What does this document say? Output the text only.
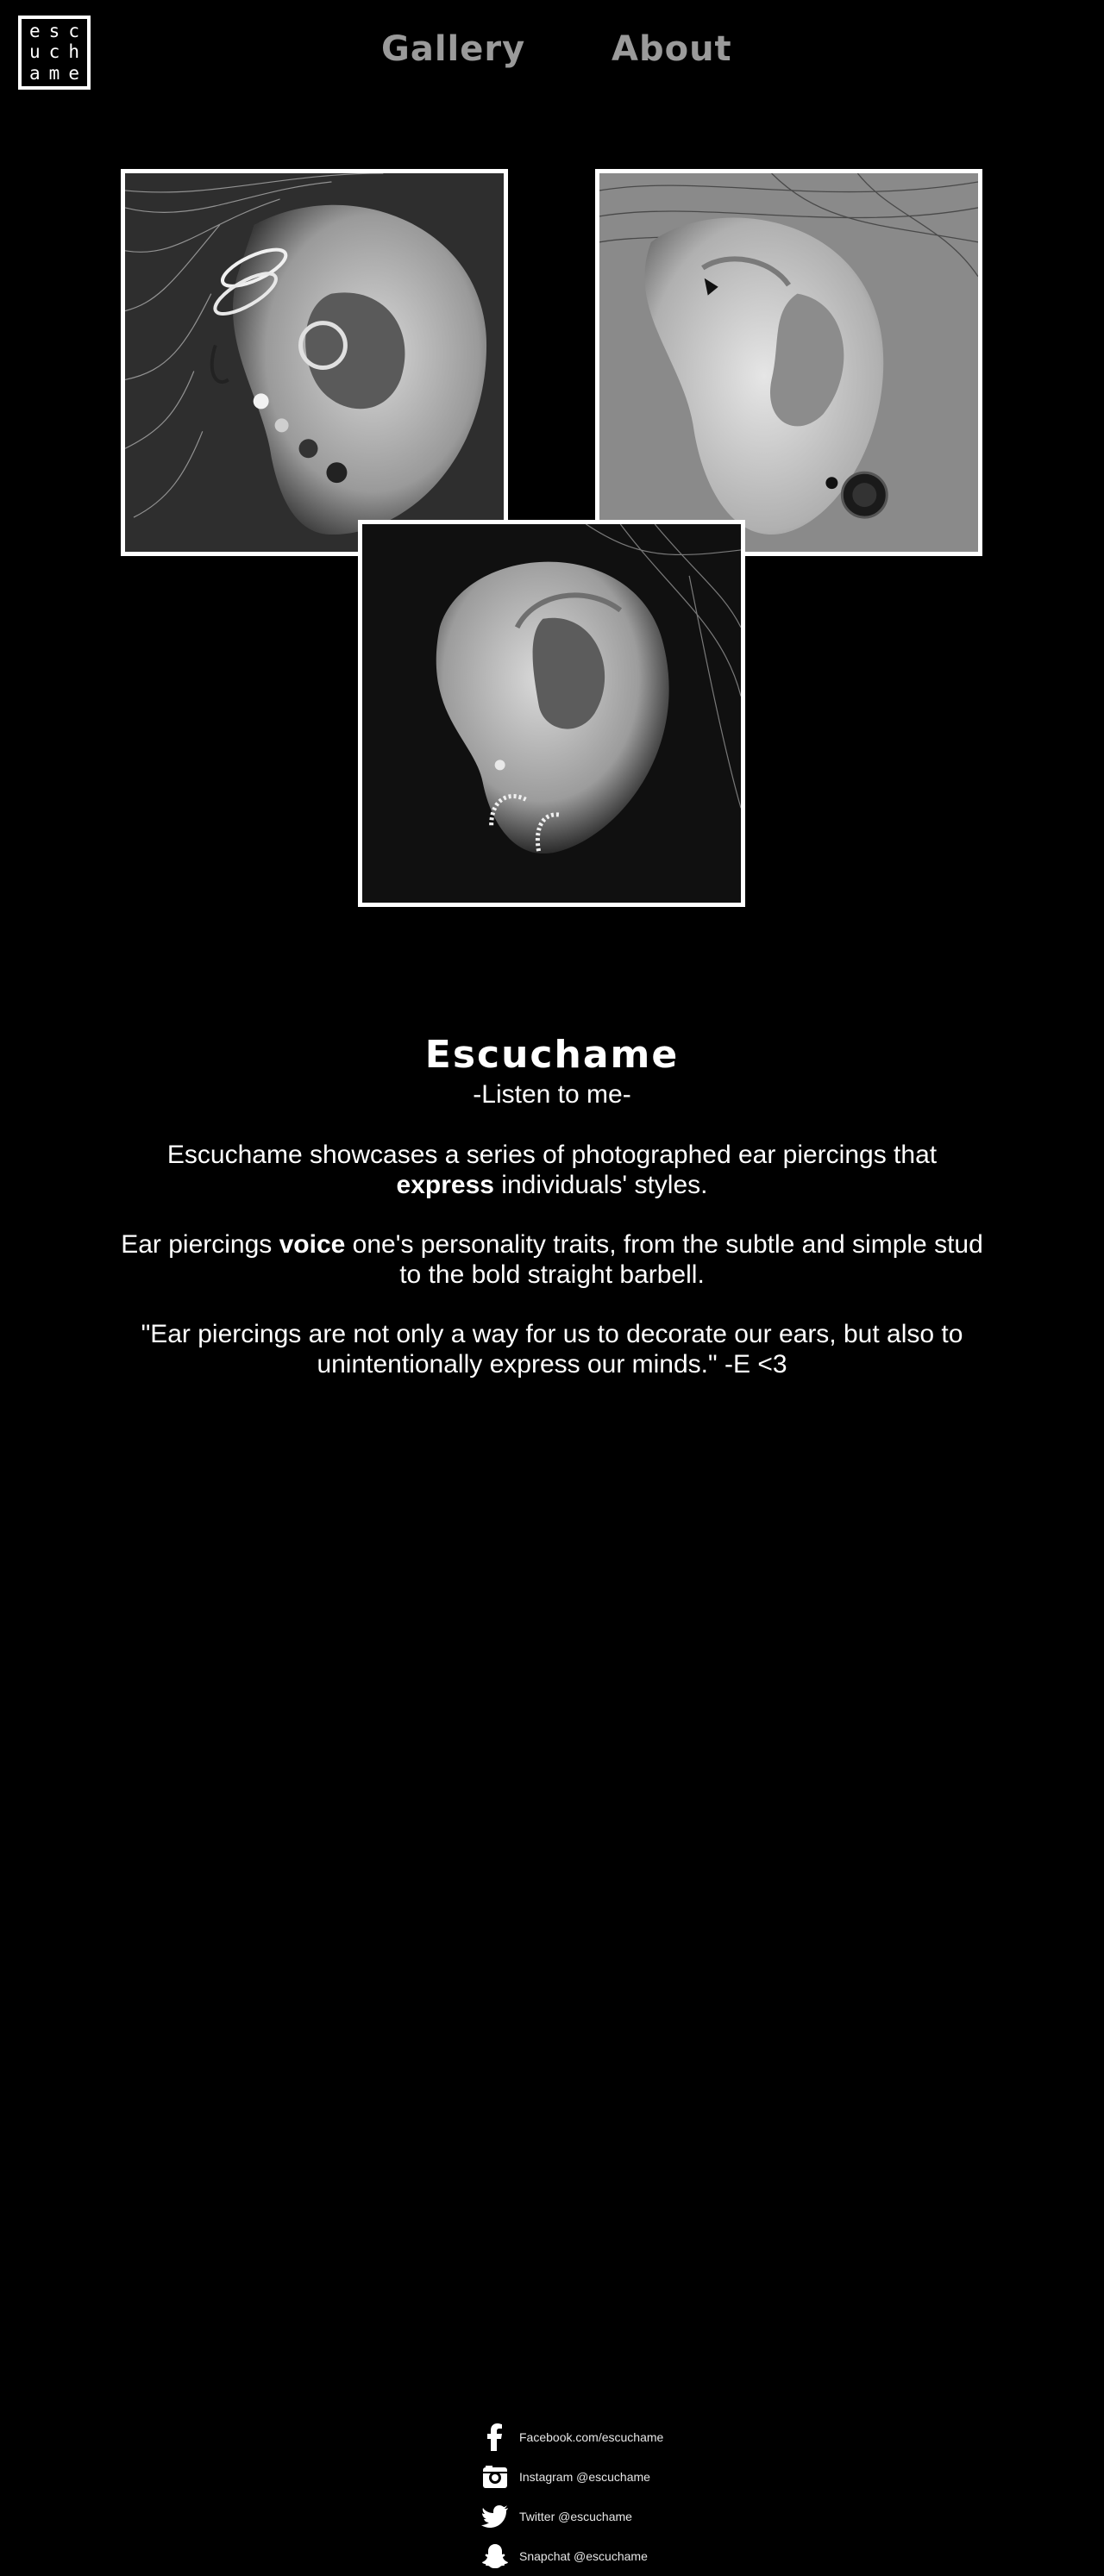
e s c
u c h
a m e
Gallery About
Escuchame
-Listen to me-

Escuchame showcases a series of photographed ear piercings that express individuals' styles.

Ear piercings voice one's personality traits, from the subtle and simple stud to the bold straight barbell.

"Ear piercings are not only a way for us to decorate our ears, but also to unintentionally express our minds." -E <3

Facebook.com/escuchame
Instagram @escuchame
Twitter @escuchame
Snapchat @escuchame
